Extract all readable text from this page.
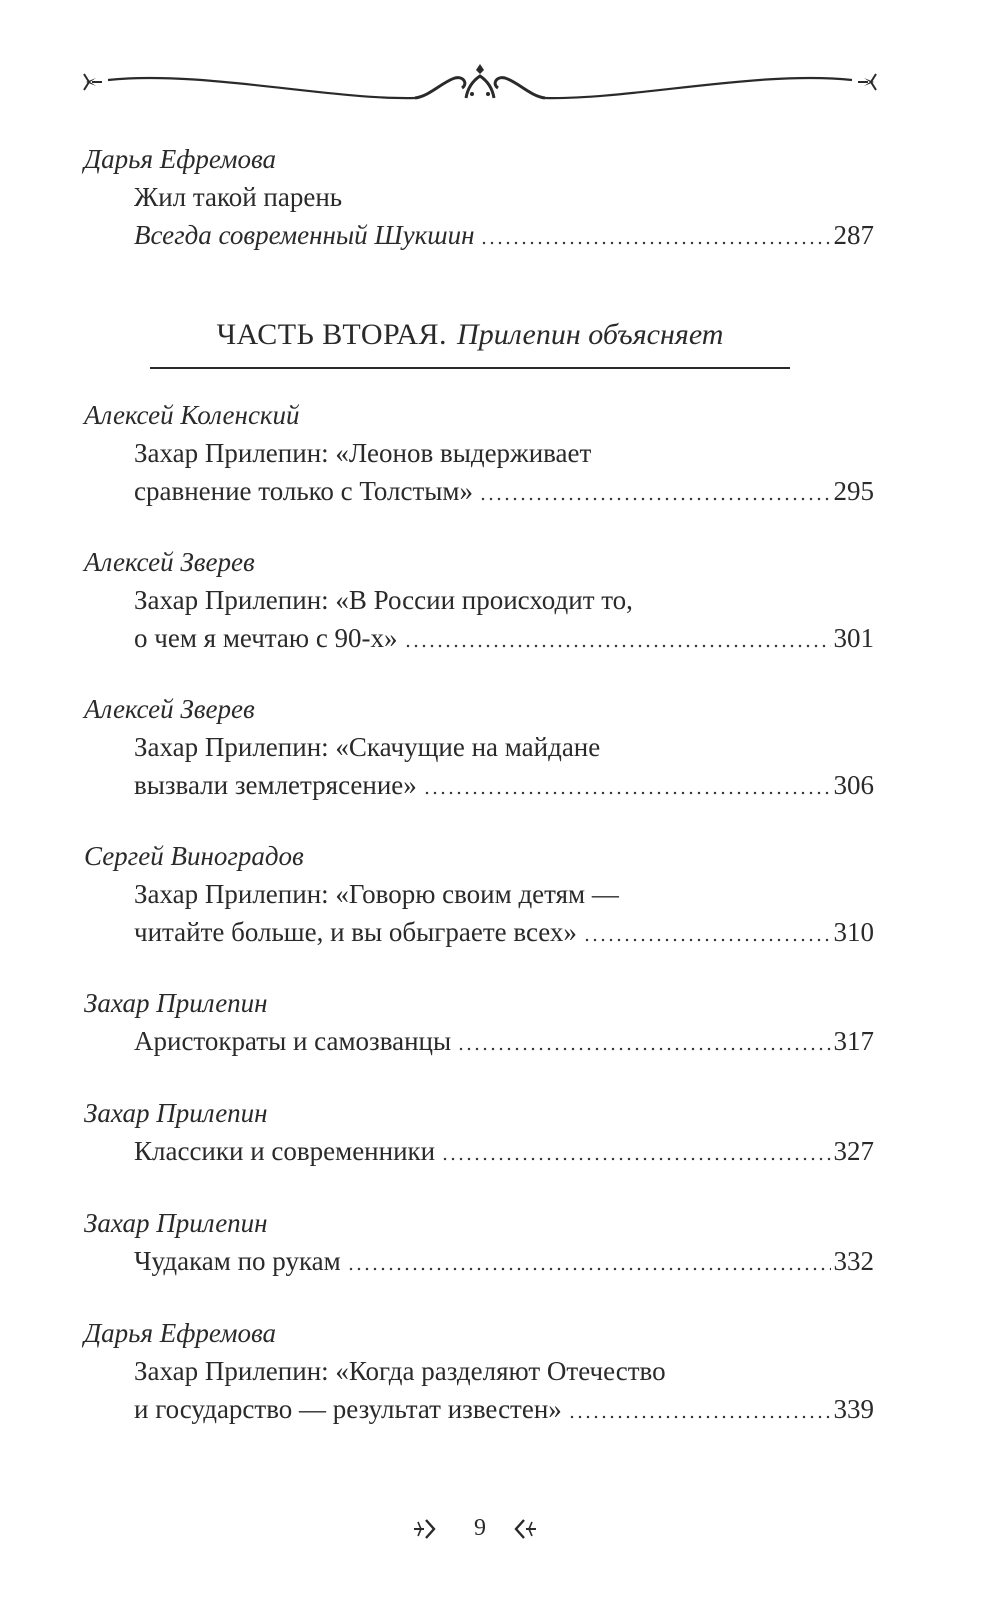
Дарья Ефремова
Жил такой парень
Всегда современный Шукшин	287
ЧАСТЬ ВТОРАЯ. Прилепин объясняет
Алексей Коленский
Захар Прилепин: «Леонов выдерживает
сравнение только с Толстым»	295
Алексей Зверев
Захар Прилепин: «В России происходит то,
о чем я мечтаю с 90-х»	301
Алексей Зверев
Захар Прилепин: «Скачущие на майдане
вызвали землетрясение»	306
Сергей Виноградов
Захар Прилепин: «Говорю своим детям —
читайте больше, и вы обыграете всех»	310
Захар Прилепин
Аристократы и самозванцы	317
Захар Прилепин
Классики и современники	327
Захар Прилепин
Чудакам по рукам	332
Дарья Ефремова
Захар Прилепин: «Когда разделяют Отечество
и государство — результат известен»	339
9
